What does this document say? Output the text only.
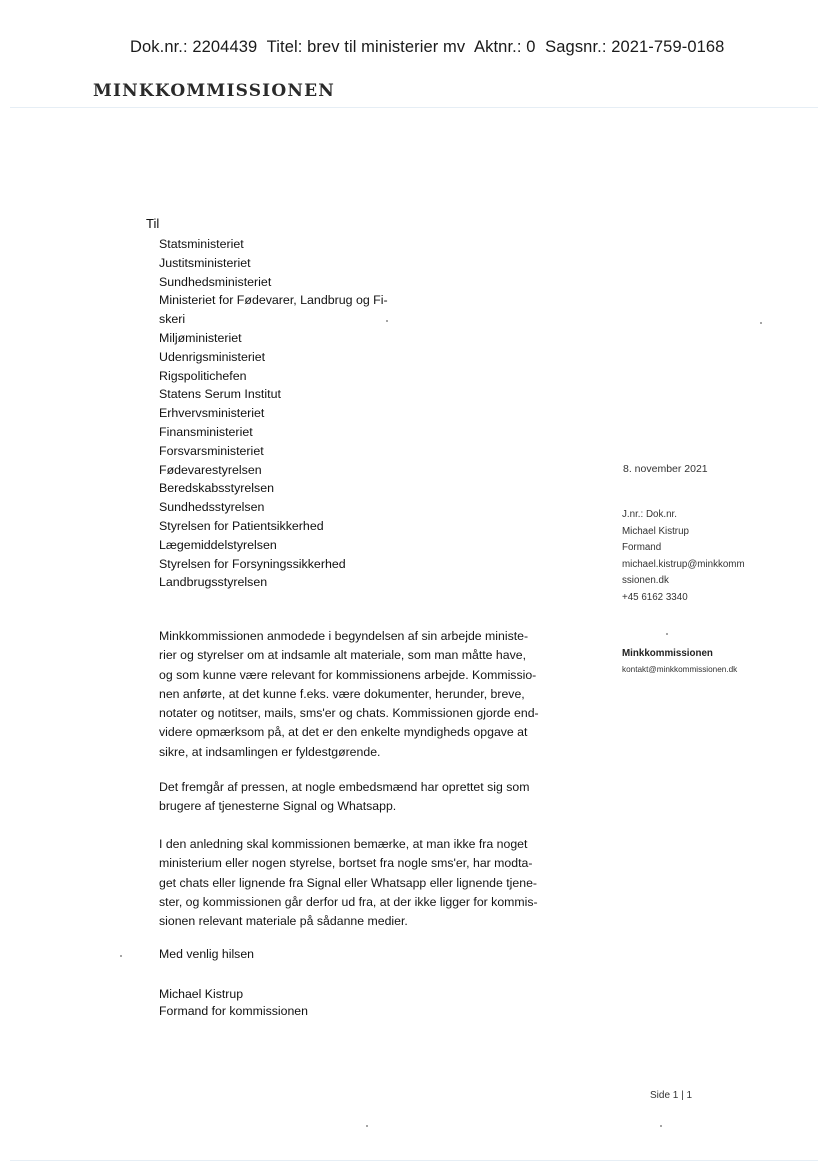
Dok.nr.: 2204439 Titel: brev til ministerier mv Aktnr.: 0 Sagsnr.: 2021-759-0168
MINKKOMMISSIONEN
Til
Statsministeriet
Justitsministeriet
Sundhedsministeriet
Ministeriet for Fødevarer, Landbrug og Fi-
skeri
Miljøministeriet
Udenrigsministeriet
Rigspolitichefen
Statens Serum Institut
Erhvervsministeriet
Finansministeriet
Forsvarsministeriet
Fødevarestyrelsen
Beredskabsstyrelsen
Sundhedsstyrelsen
Styrelsen for Patientsikkerhed
Lægemiddelstyrelsen
Styrelsen for Forsyningssikkerhed
Landbrugsstyrelsen
8. november 2021
J.nr.: Dok.nr.
Michael Kistrup
Formand
michael.kistrup@minkkomm
ssionen.dk
+45 6162 3340
Minkkommissionen
kontakt@minkkommissionen.dk
Minkkommissionen anmodede i begyndelsen af sin arbejde ministe-
rier og styrelser om at indsamle alt materiale, som man måtte have,
og som kunne være relevant for kommissionens arbejde. Kommissio-
nen anførte, at det kunne f.eks. være dokumenter, herunder, breve,
notater og notitser, mails, sms'er og chats. Kommissionen gjorde end-
videre opmærksom på, at det er den enkelte myndigheds opgave at
sikre, at indsamlingen er fyldestgørende.
Det fremgår af pressen, at nogle embedsmænd har oprettet sig som
brugere af tjenesterne Signal og Whatsapp.
I den anledning skal kommissionen bemærke, at man ikke fra noget
ministerium eller nogen styrelse, bortset fra nogle sms'er, har modta-
get chats eller lignende fra Signal eller Whatsapp eller lignende tjene-
ster, og kommissionen går derfor ud fra, at der ikke ligger for kommis-
sionen relevant materiale på sådanne medier.
Med venlig hilsen
Michael Kistrup
Formand for kommissionen
Side 1 | 1
